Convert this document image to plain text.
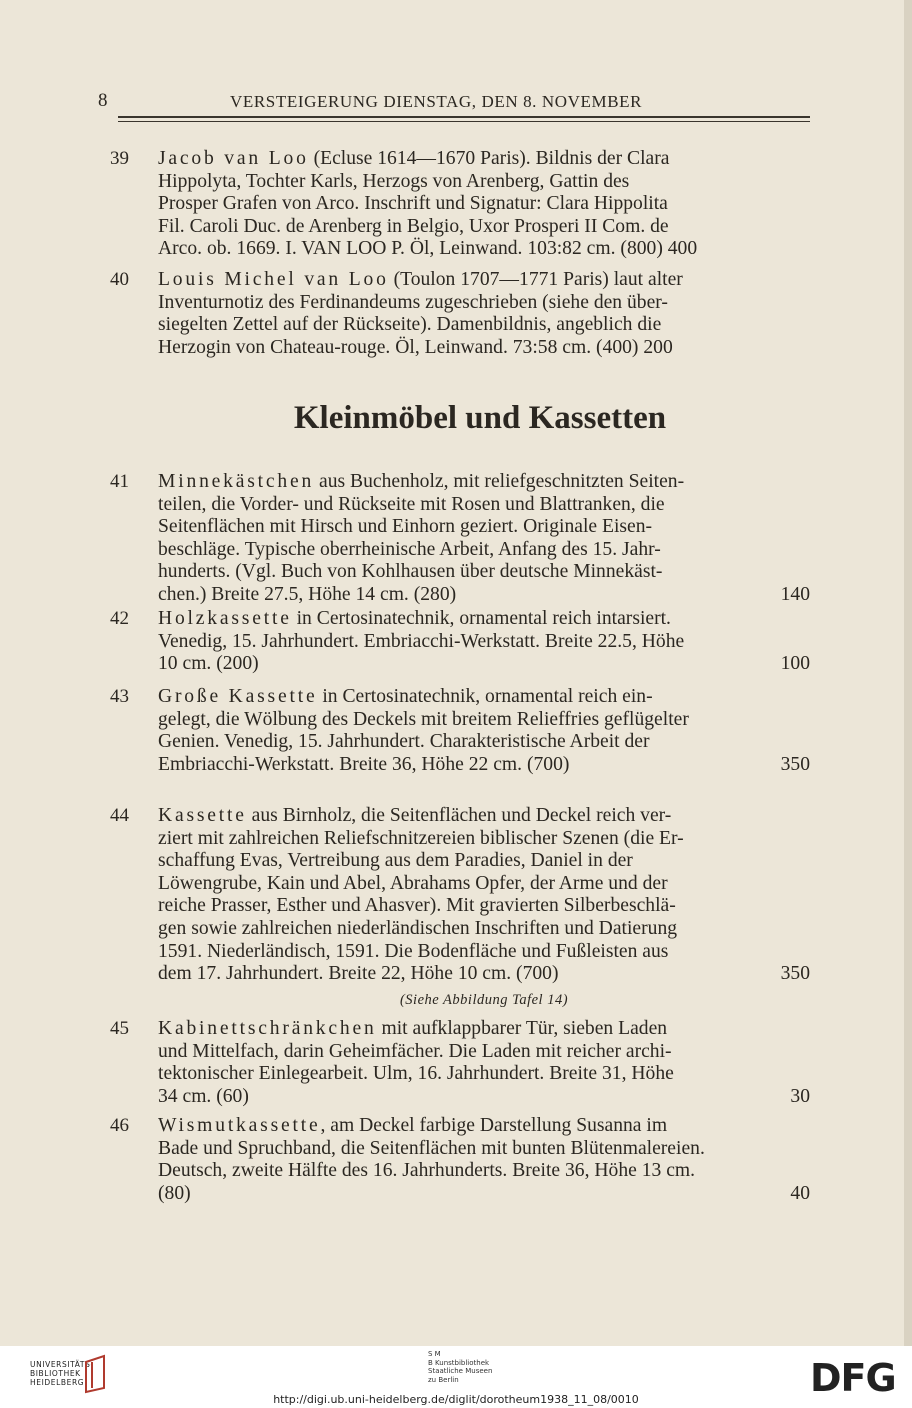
8	VERSTEIGERUNG DIENSTAG, DEN 8. NOVEMBER
Kleinmöbel und Kassetten
39 Jacob van Loo (Ecluse 1614—1670 Paris). Bildnis der Clara
Hippolyta, Tochter Karls, Herzogs von Arenberg, Gattin des
Prosper Grafen von Arco. Inschrift und Signatur: Clara Hippolita
Fil. Caroli Duc. de Arenberg in Belgio, Uxor Prosperi II Com. de
Arco. ob. 1669. I. VAN LOO P. Öl, Leinwand. 103:82 cm. (800) 400
40 Louis Michel van Loo (Toulon 1707—1771 Paris) laut alter
Inventurnotiz des Ferdinandeums zugeschrieben (siehe den über-
siegelten Zettel auf der Rückseite). Damenbildnis, angeblich die
Herzogin von Chateau-rouge. Öl, Leinwand. 73:58 cm. (400) 200
41 Minnekästchen aus Buchenholz, mit reliefgeschnitzten Seiten-
teilen, die Vorder- und Rückseite mit Rosen und Blattranken, die
Seitenflächen mit Hirsch und Einhorn geziert. Originale Eisen-
beschläge. Typische oberrheinische Arbeit, Anfang des 15. Jahr-
hunderts. (Vgl. Buch von Kohlhausen über deutsche Minnekäst-
chen.) Breite 27.5, Höhe 14 cm. (280)	140
42 Holzkassette in Certosinatechnik, ornamental reich intarsiert.
Venedig, 15. Jahrhundert. Embriacchi-Werkstatt. Breite 22.5, Höhe
10 cm. (200)	100
43 Große Kassette in Certosinatechnik, ornamental reich ein-
gelegt, die Wölbung des Deckels mit breitem Relieffries geflügelter
Genien. Venedig, 15. Jahrhundert. Charakteristische Arbeit der
Embriacchi-Werkstatt. Breite 36, Höhe 22 cm. (700)	350
44 Kassette aus Birnholz, die Seitenflächen und Deckel reich ver-
ziert mit zahlreichen Reliefschnitzereien biblischer Szenen (die Er-
schaffung Evas, Vertreibung aus dem Paradies, Daniel in der
Löwengrube, Kain und Abel, Abrahams Opfer, der Arme und der
reiche Prasser, Esther und Ahasver). Mit gravierten Silberbeschlä-
gen sowie zahlreichen niederländischen Inschriften und Datierung
1591. Niederländisch, 1591. Die Bodenfläche und Fußleisten aus
dem 17. Jahrhundert. Breite 22, Höhe 10 cm. (700)	350
(Siehe Abbildung Tafel 14)
45 Kabinettschränkchen mit aufklappbarer Tür, sieben Laden
und Mittelfach, darin Geheimfächer. Die Laden mit reicher archi-
tektonischer Einlegearbeit. Ulm, 16. Jahrhundert. Breite 31, Höhe
34 cm. (60)	30
46 Wismutkassette, am Deckel farbige Darstellung Susanna im
Bade und Spruchband, die Seitenflächen mit bunten Blütenmalereien.
Deutsch, zweite Hälfte des 16. Jahrhunderts. Breite 36, Höhe 13 cm.
(80)	40
UNIVERSITÄTS-
BIBLIOTHEK
HEIDELBERG
S M
B Kunstbibliothek
Staatliche Museen
zu Berlin	DFG
http://digi.ub.uni-heidelberg.de/diglit/dorotheum1938_11_08/0010
